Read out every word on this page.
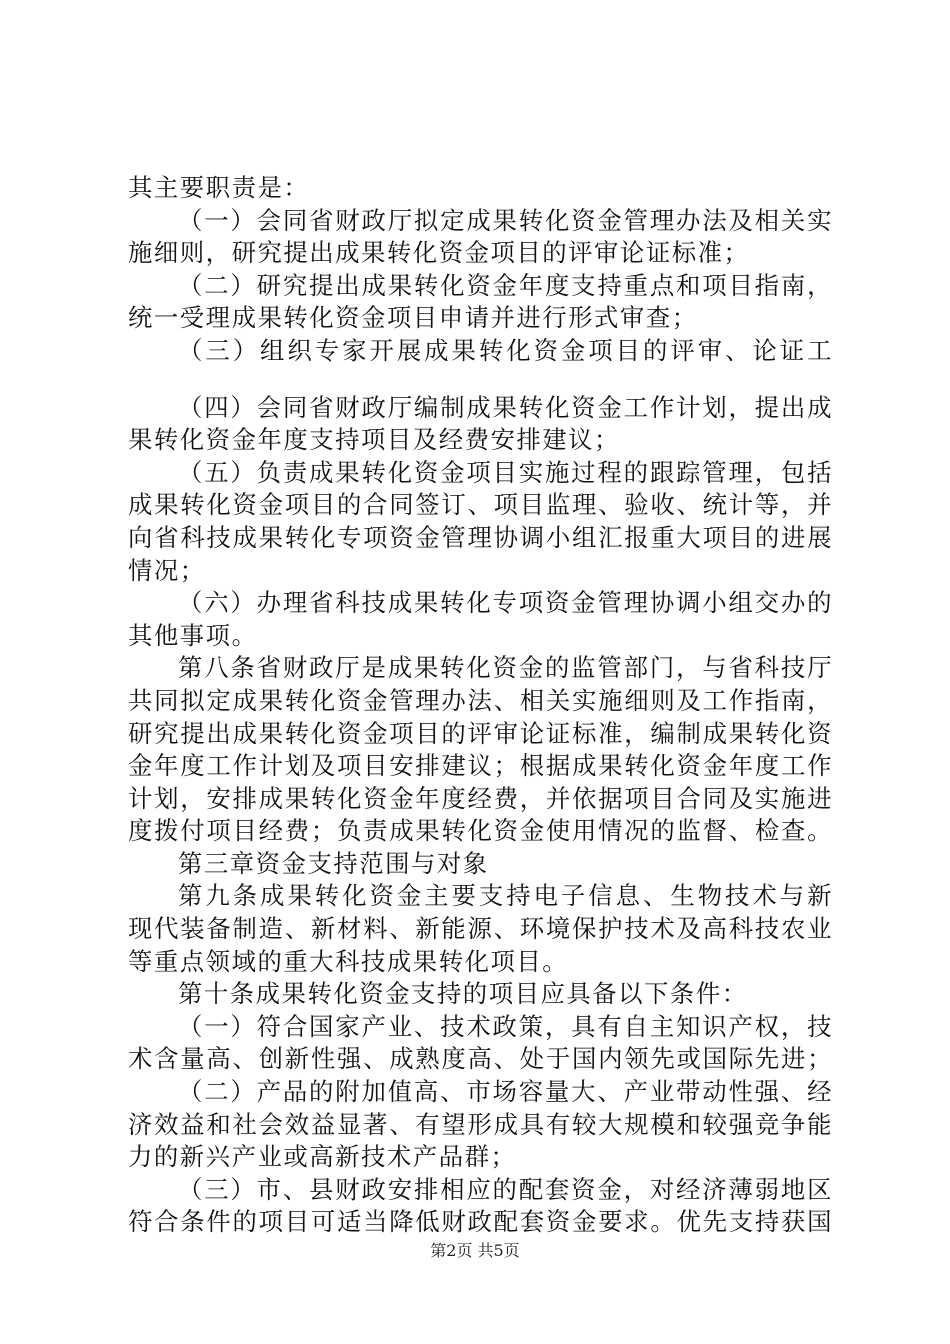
其主要职责是：
（一）会同省财政厅拟定成果转化资金管理办法及相关实
施细则，研究提出成果转化资金项目的评审论证标准；
（二）研究提出成果转化资金年度支持重点和项目指南，
统一受理成果转化资金项目申请并进行形式审查；
（三）组织专家开展成果转化资金项目的评审、论证工
（四）会同省财政厅编制成果转化资金工作计划，提出成
果转化资金年度支持项目及经费安排建议；
（五）负责成果转化资金项目实施过程的跟踪管理，包括
成果转化资金项目的合同签订、项目监理、验收、统计等，并
向省科技成果转化专项资金管理协调小组汇报重大项目的进展
情况；
（六）办理省科技成果转化专项资金管理协调小组交办的
其他事项。
第八条省财政厅是成果转化资金的监管部门，与省科技厅
共同拟定成果转化资金管理办法、相关实施细则及工作指南，
研究提出成果转化资金项目的评审论证标准，编制成果转化资
金年度工作计划及项目安排建议；根据成果转化资金年度工作
计划，安排成果转化资金年度经费，并依据项目合同及实施进
度拨付项目经费；负责成果转化资金使用情况的监督、检查。
第三章资金支持范围与对象
第九条成果转化资金主要支持电子信息、生物技术与新
现代装备制造、新材料、新能源、环境保护技术及高科技农业
等重点领域的重大科技成果转化项目。
第十条成果转化资金支持的项目应具备以下条件：
（一）符合国家产业、技术政策，具有自主知识产权，技
术含量高、创新性强、成熟度高、处于国内领先或国际先进；
（二）产品的附加值高、市场容量大、产业带动性强、经
济效益和社会效益显著、有望形成具有较大规模和较强竞争能
力的新兴产业或高新技术产品群；
（三）市、县财政安排相应的配套资金，对经济薄弱地区
符合条件的项目可适当降低财政配套资金要求。优先支持获国
第2页 共5页
